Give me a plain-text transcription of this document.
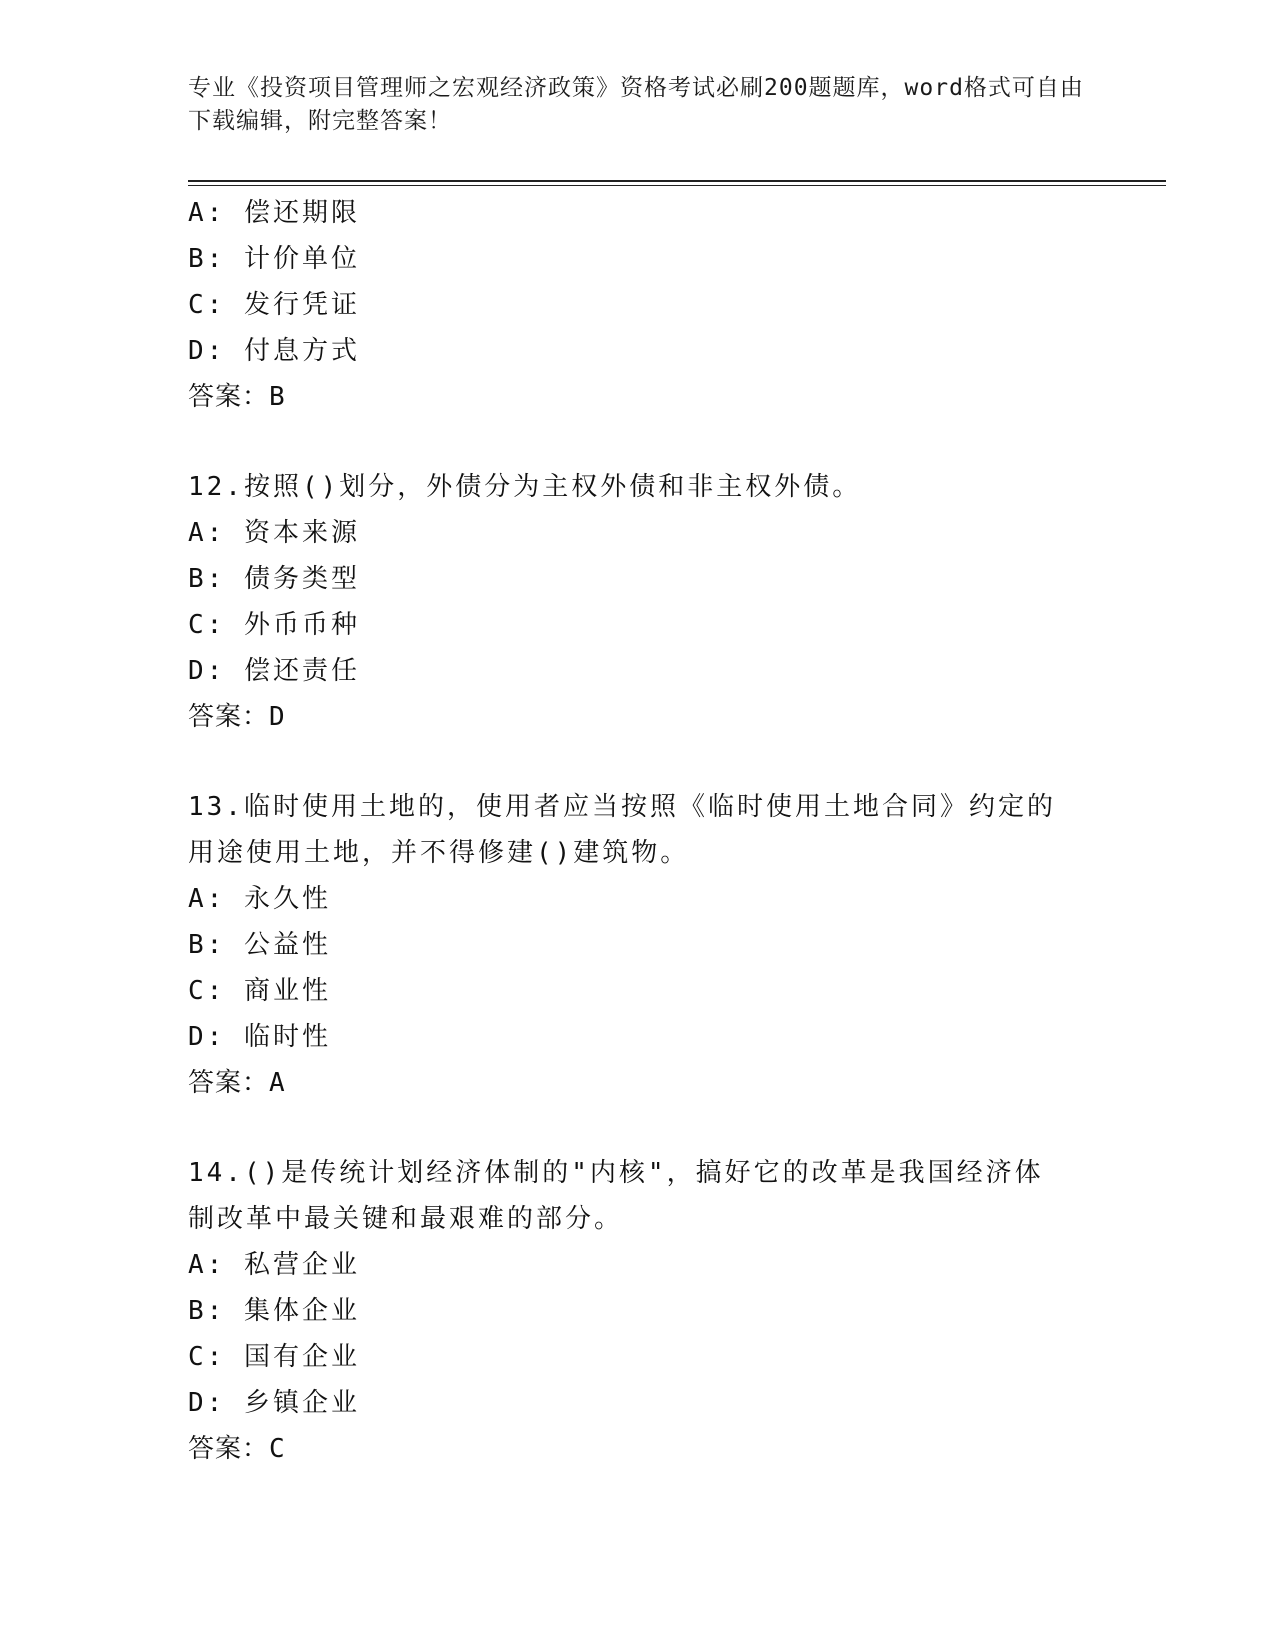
专业《投资项目管理师之宏观经济政策》资格考试必刷200题题库，word格式可自由下载编辑，附完整答案！
A: 偿还期限
B: 计价单位
C: 发行凭证
D: 付息方式
答案：B
12.按照()划分，外债分为主权外债和非主权外债。
A: 资本来源
B: 债务类型
C: 外币币种
D: 偿还责任
答案：D
13.临时使用土地的，使用者应当按照《临时使用土地合同》约定的用途使用土地，并不得修建()建筑物。
A: 永久性
B: 公益性
C: 商业性
D: 临时性
答案：A
14.()是传统计划经济体制的"内核"，搞好它的改革是我国经济体制改革中最关键和最艰难的部分。
A: 私营企业
B: 集体企业
C: 国有企业
D: 乡镇企业
答案：C
